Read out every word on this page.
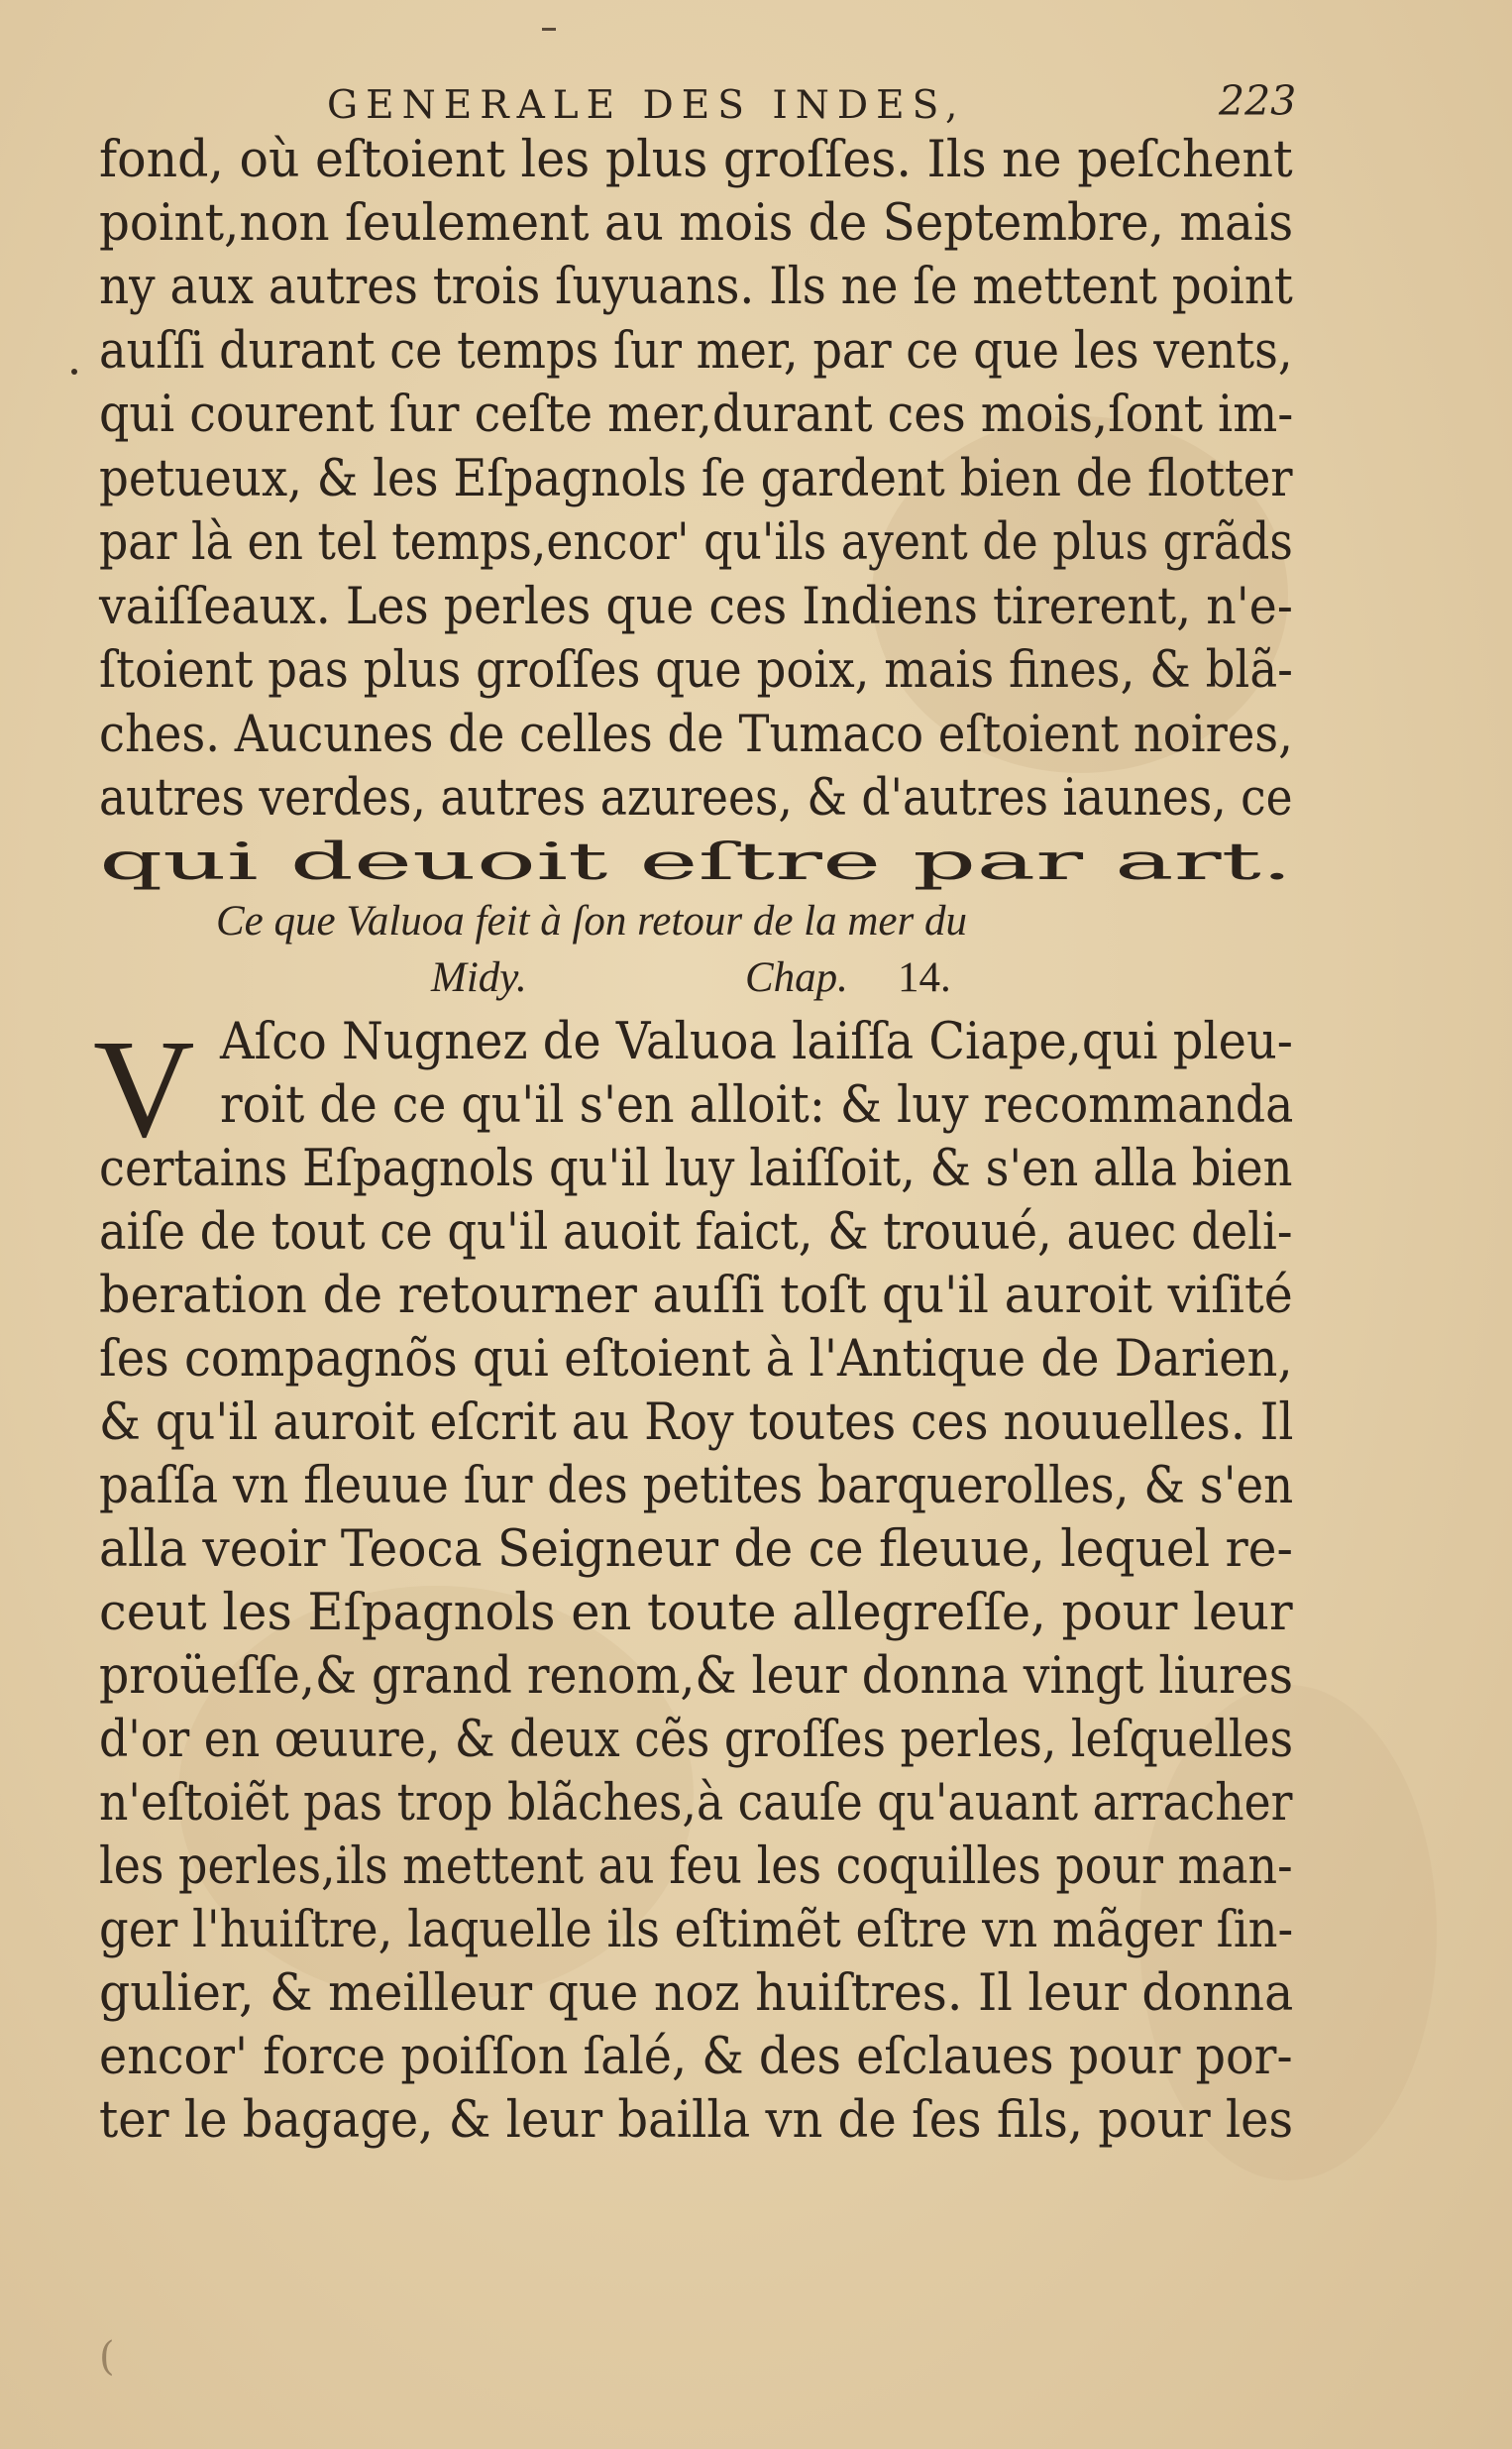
GENERALE DES INDES,	223
fond, où eſtoient les plus groſſes. Ils ne peſchent
point,non ſeulement au mois de Septembre, mais
ny aux autres trois ſuyuans. Ils ne ſe mettent point
auſſi durant ce temps ſur mer, par ce que les vents,
qui courent ſur ceſte mer,durant ces mois,ſont im-
petueux, & les Eſpagnols ſe gardent bien de flotter
par là en tel temps,encor' qu'ils ayent de plus grãds
vaiſſeaux. Les perles que ces Indiens tirerent, n'e-
ſtoient pas plus groſſes que poix, mais fines, & blã-
ches. Aucunes de celles de Tumaco eſtoient noires,
autres verdes, autres azurees, & d'autres iaunes, ce
qui deuoit eſtre par art.
Ce que Valuoa feit à ſon retour de la mer du
Midy.	Chap. 14.
V Aſco Nugnez de Valuoa laiſſa Ciape,qui pleu-
roit de ce qu'il s'en alloit: & luy recommanda
certains Eſpagnols qu'il luy laiſſoit, & s'en alla bien
aiſe de tout ce qu'il auoit faict, & trouué, auec deli-
beration de retourner auſſi toſt qu'il auroit viſité
ſes compagnõs qui eſtoient à l'Antique de Darien,
& qu'il auroit eſcrit au Roy toutes ces nouuelles. Il
paſſa vn fleuue ſur des petites barquerolles, & s'en
alla veoir Teoca Seigneur de ce fleuue, lequel re-
ceut les Eſpagnols en toute allegreſſe, pour leur
proüeſſe,& grand renom,& leur donna vingt liures
d'or en œuure, & deux cẽs groſſes perles, leſquelles
n'eſtoiẽt pas trop blãches,à cauſe qu'auant arracher
les perles,ils mettent au feu les coquilles pour man-
ger l'huiſtre, laquelle ils eſtimẽt eſtre vn mãger ſin-
gulier, & meilleur que noz huiſtres. Il leur donna
encor' force poiſſon ſalé, & des eſclaues pour por-
ter le bagage, & leur bailla vn de ſes fils, pour les
(
